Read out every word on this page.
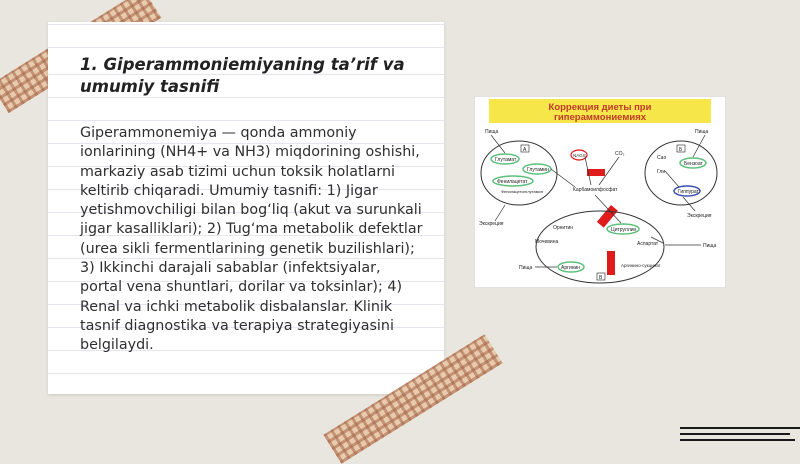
1. Giperammoniemiyaning ta’rif va umumiy tasnifi

Giperammonemiya — qonda ammoniy ionlarining (NH4+ va NH3) miqdorining oshishi, markaziy asab tizimi uchun toksik holatlarni keltirib chiqaradi. Umumiy tasnifi: 1) Jigar yetishmovchiligi bilan bog‘liq (akut va surunkali jigar kasalliklari); 2) Tug‘ma metabolik defektlar (urea sikli fermentlarining genetik buzilishlari); 3) Ikkinchi darajali sabablar (infektsiyalar, portal vena shuntlari, dorilar va toksinlar); 4) Renal va ichki metabolik disbalanslar. Klinik tasnif diagnostika va terapiya strategiyasini belgilaydi.

Коррекция диеты при
гипераммониемиях
Пища
А
Глутамат
Глутамин
Фенилацетат
Фенилацетилглутамин
Пища
Б
Сао
Гли
Бензоат
Гиппурат
NAGS	CO₂
Карбамоилфосфат
Экскреция
Экскреция
Орнитин	Цитруллин
Мочевина	Аспартат
Аргинин	Аргинино-сукцинат
В
Пища
Пища
